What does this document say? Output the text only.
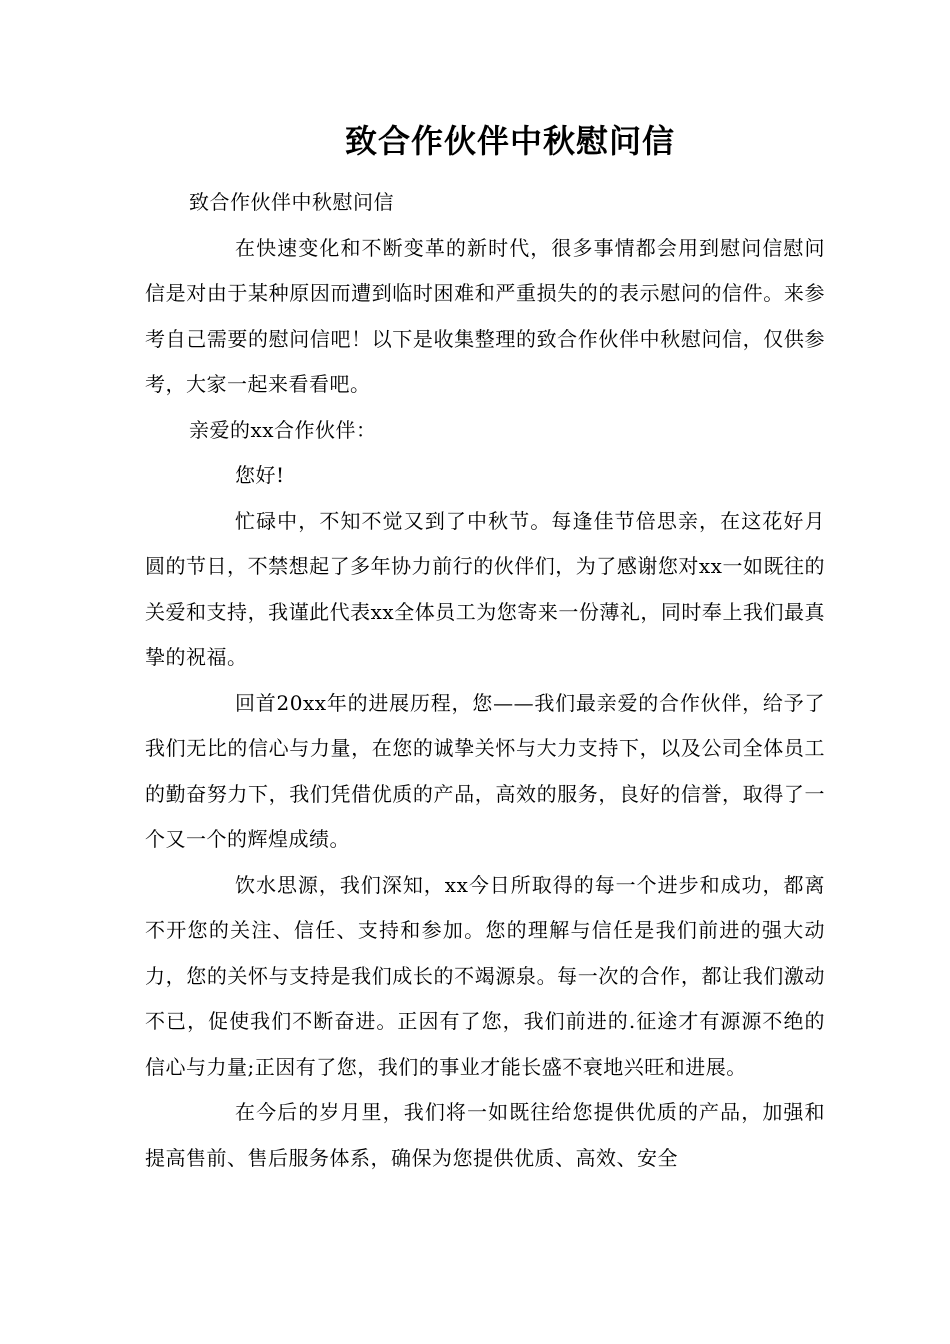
致合作伙伴中秋慰问信

致合作伙伴中秋慰问信

在快速变化和不断变革的新时代，很多事情都会用到慰问信慰问信是对由于某种原因而遭到临时困难和严重损失的的表示慰问的信件。来参考自己需要的慰问信吧！以下是收集整理的致合作伙伴中秋慰问信，仅供参考，大家一起来看看吧。

亲爱的xx合作伙伴：

您好!

忙碌中，不知不觉又到了中秋节。每逢佳节倍思亲，在这花好月圆的节日，不禁想起了多年协力前行的伙伴们，为了感谢您对xx一如既往的关爱和支持，我谨此代表xx全体员工为您寄来一份薄礼，同时奉上我们最真挚的祝福。

回首20xx年的进展历程，您——我们最亲爱的合作伙伴，给予了我们无比的信心与力量，在您的诚挚关怀与大力支持下，以及公司全体员工的勤奋努力下，我们凭借优质的产品，高效的服务，良好的信誉，取得了一个又一个的辉煌成绩。

饮水思源，我们深知，xx今日所取得的每一个进步和成功，都离不开您的关注、信任、支持和参加。您的理解与信任是我们前进的强大动力，您的关怀与支持是我们成长的不竭源泉。每一次的合作，都让我们激动不已，促使我们不断奋进。正因有了您，我们前进的.征途才有源源不绝的信心与力量;正因有了您，我们的事业才能长盛不衰地兴旺和进展。

在今后的岁月里，我们将一如既往给您提供优质的产品，加强和提高售前、售后服务体系，确保为您提供优质、高效、安全
